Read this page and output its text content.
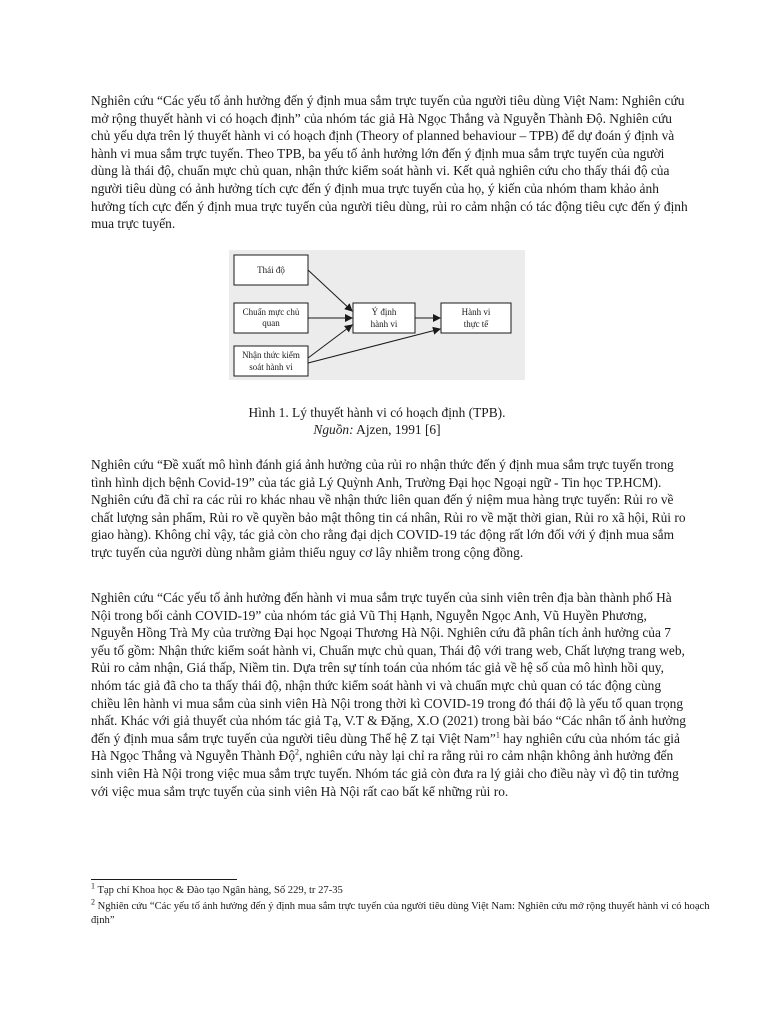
Nghiên cứu “Các yếu tố ảnh hưởng đến ý định mua sắm trực tuyến của người tiêu dùng Việt Nam: Nghiên cứu mở rộng thuyết hành vi có hoạch định” của nhóm tác giả Hà Ngọc Thắng và Nguyễn Thành Độ. Nghiên cứu chủ yếu dựa trên lý thuyết hành vi có hoạch định (Theory of planned behaviour – TPB) để dự đoán ý định và hành vi mua sắm trực tuyến. Theo TPB, ba yếu tố ảnh hưởng lớn đến ý định mua sắm trực tuyến của người dùng là thái độ, chuẩn mực chủ quan, nhận thức kiểm soát hành vi. Kết quả nghiên cứu cho thấy thái độ của người tiêu dùng có ảnh hưởng tích cực đến ý định mua trực tuyến của họ, ý kiến của nhóm tham khảo ảnh hưởng tích cực đến ý định mua trực tuyến của người tiêu dùng, rủi ro cảm nhận có tác động tiêu cực đến ý định mua trực tuyến.

Thái độ
Chuẩn mực chủ
quan
Nhận thức kiểm
soát hành vi
Ý định
hành vi
Hành vi
thực tế
Hình 1. Lý thuyết hành vi có hoạch định (TPB).
Nguồn: Ajzen, 1991 [6]

Nghiên cứu “Đề xuất mô hình đánh giá ảnh hưởng của rủi ro nhận thức đến ý định mua sắm trực tuyến trong tình hình dịch bệnh Covid-19” của tác giả Lý Quỳnh Anh, Trường Đại học Ngoại ngữ - Tin học TP.HCM). Nghiên cứu đã chỉ ra các rủi ro khác nhau về nhận thức liên quan đến ý niệm mua hàng trực tuyến: Rủi ro về chất lượng sản phẩm, Rủi ro về quyền bảo mật thông tin cá nhân, Rủi ro về mặt thời gian, Rủi ro xã hội, Rủi ro giao hàng). Không chỉ vậy, tác giả còn cho rằng đại dịch COVID-19 tác động rất lớn đối với ý định mua sắm trực tuyến của người dùng nhằm giảm thiểu nguy cơ lây nhiễm trong cộng đồng.

Nghiên cứu “Các yếu tố ảnh hưởng đến hành vi mua sắm trực tuyến của sinh viên trên địa bàn thành phố Hà Nội trong bối cảnh COVID-19” của nhóm tác giả Vũ Thị Hạnh, Nguyễn Ngọc Anh, Vũ Huyền Phương, Nguyễn Hồng Trà My của trường Đại học Ngoại Thương Hà Nội. Nghiên cứu đã phân tích ảnh hưởng của 7 yếu tố gồm: Nhận thức kiểm soát hành vi, Chuẩn mực chủ quan, Thái độ với trang web, Chất lượng trang web, Rủi ro cảm nhận, Giá thấp, Niềm tin. Dựa trên sự tính toán của nhóm tác giả về hệ số của mô hình hồi quy, nhóm tác giả đã cho ta thấy thái độ, nhận thức kiểm soát hành vi và chuẩn mực chủ quan có tác động cùng chiều lên hành vi mua sắm của sinh viên Hà Nội trong thời kì COVID-19 trong đó thái độ là yếu tố quan trọng nhất. Khác với giả thuyết của nhóm tác giả Tạ, V.T & Đặng, X.O (2021) trong bài báo “Các nhân tố ảnh hưởng đến ý định mua sắm trực tuyến của người tiêu dùng Thế hệ Z tại Việt Nam”$^1$ hay nghiên cứu của nhóm tác giả Hà Ngọc Thắng và Nguyễn Thành Độ$^2$, nghiên cứu này lại chỉ ra rằng rủi ro cảm nhận không ảnh hưởng đến sinh viên Hà Nội trong việc mua sắm trực tuyến. Nhóm tác giả còn đưa ra lý giải cho điều này vì độ tin tưởng với việc mua sắm trực tuyến của sinh viên Hà Nội rất cao bất kể những rủi ro.

$^1$ Tạp chí Khoa học & Đào tạo Ngân hàng, Số 229, tr 27-35

$^2$ Nghiên cứu “Các yếu tố ảnh hưởng đến ý định mua sắm trực tuyến của người tiêu dùng Việt Nam: Nghiên cứu mở rộng thuyết hành vi có hoạch định”
